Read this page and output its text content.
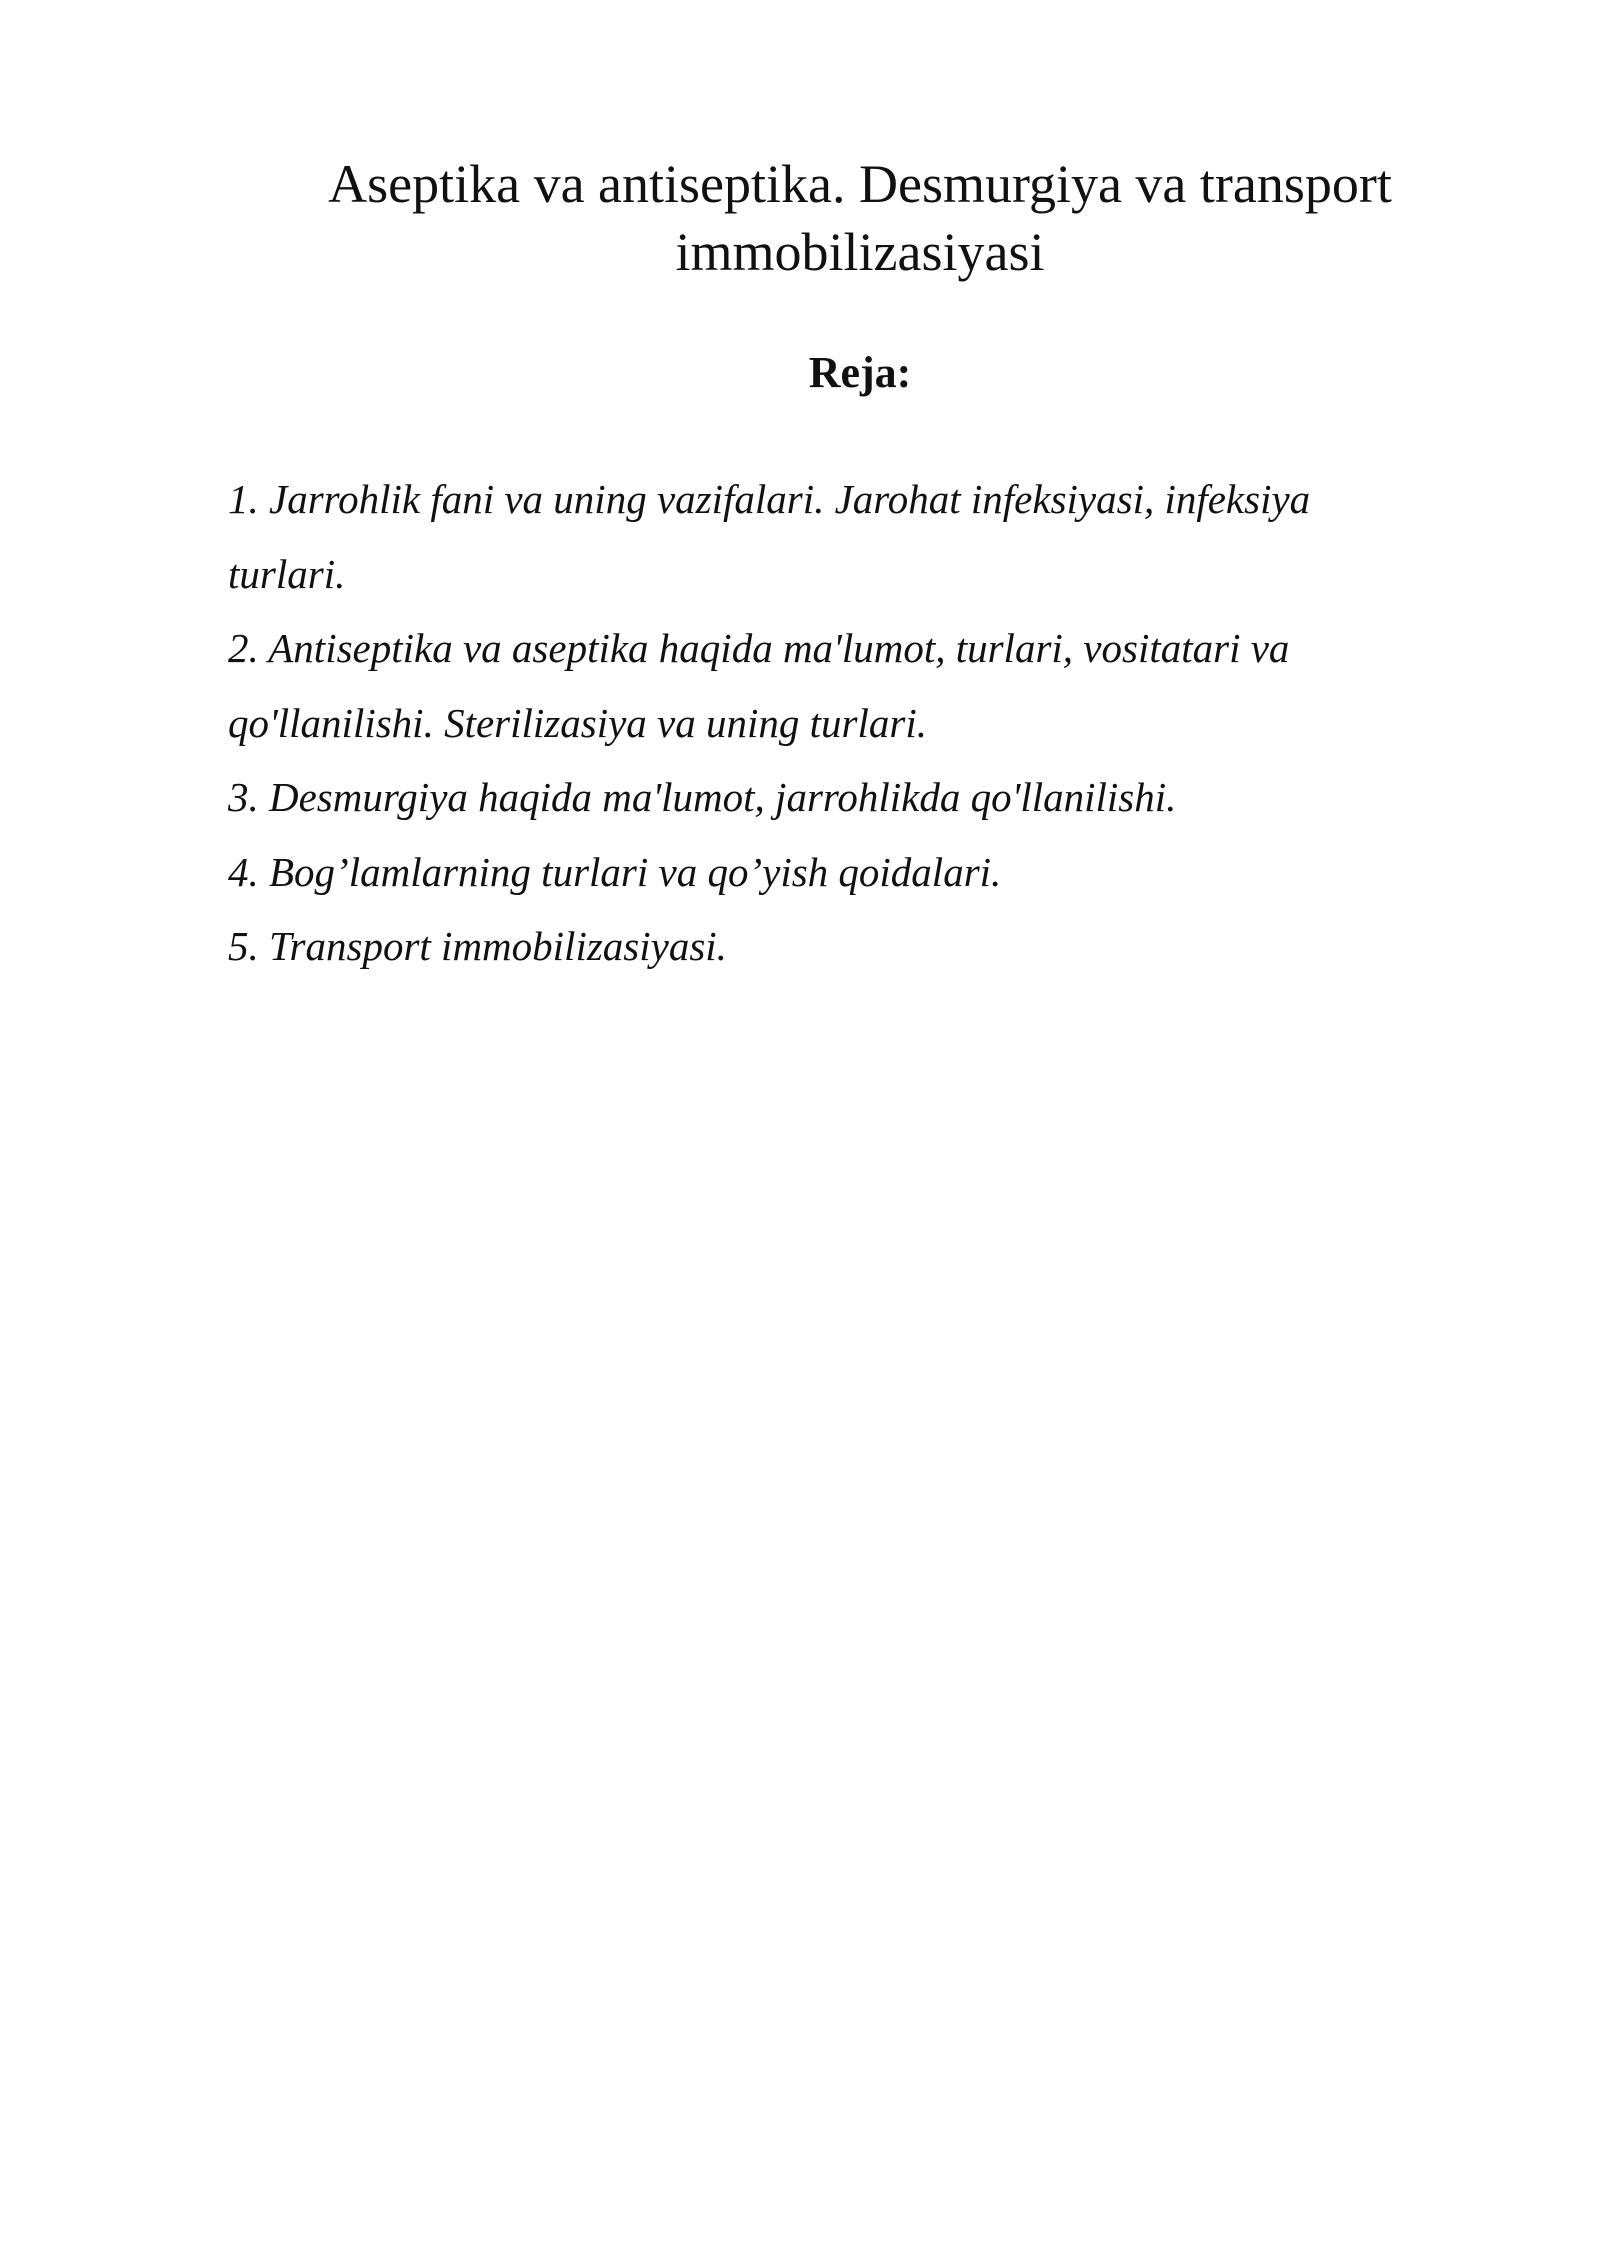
Aseptika va antiseptika. Desmurgiya va transport immobilizasiyasi
Reja:
1. Jarrohlik fani va uning vazifalari. Jarohat infeksiyasi, infeksiya turlari.
2. Antiseptika va aseptika haqida ma'lumot, turlari, vositatari va qo'llanilishi. Sterilizasiya va uning turlari.
3. Desmurgiya haqida ma'lumot, jarrohlikda qo'llanilishi.
4. Bog’lamlarning turlari va qo’yish qoidalari.
5. Transport immobilizasiyasi.
